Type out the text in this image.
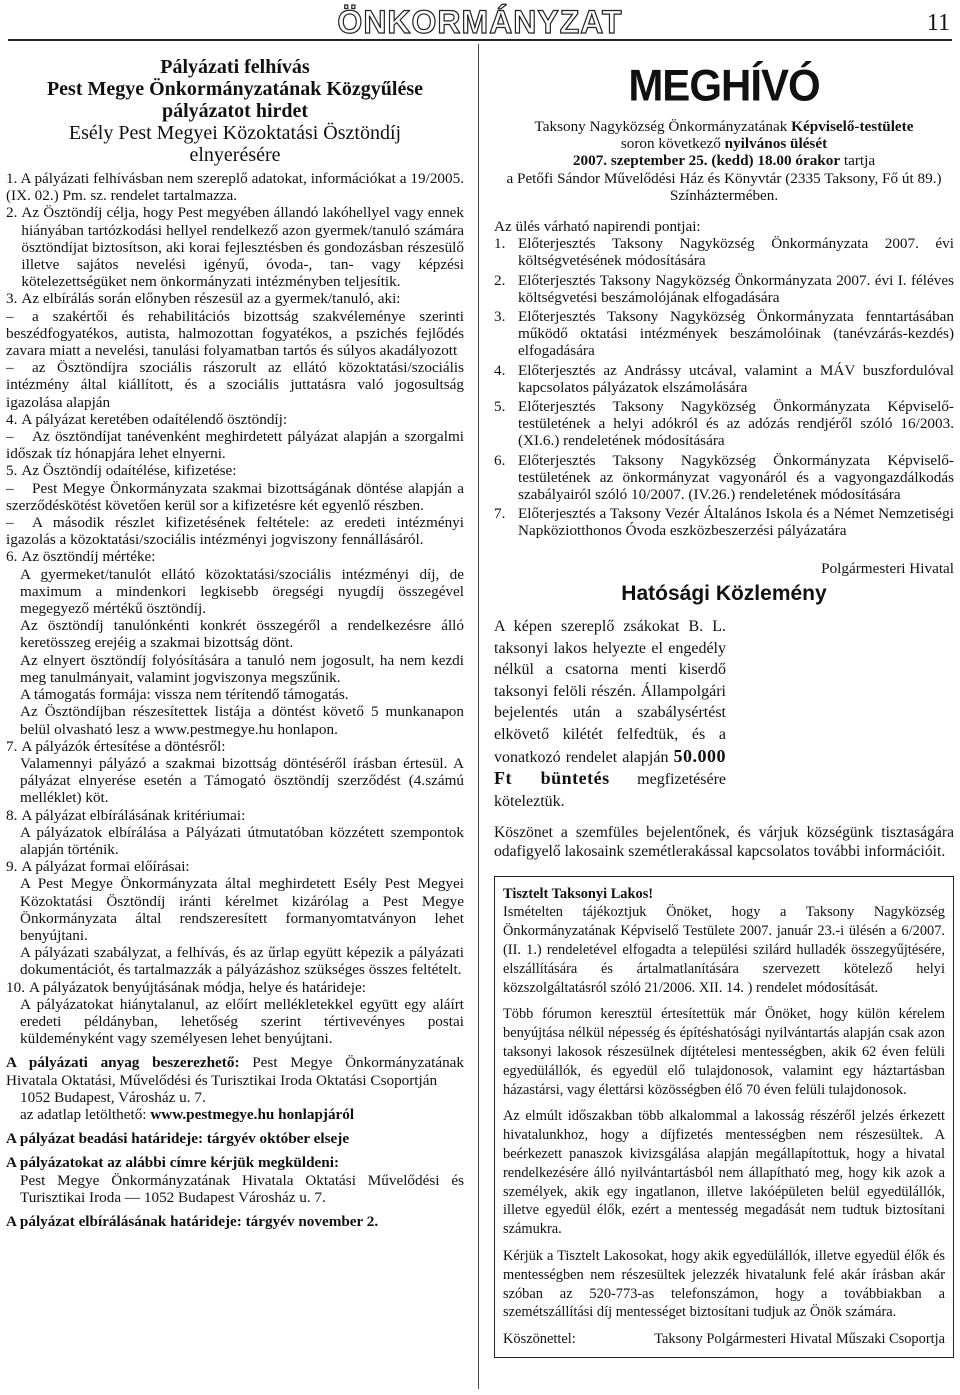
ÖNKORMÁNYZAT	11
Pályázati felhívás
Pest Megye Önkormányzatának Közgyűlése
pályázatot hirdet
Esély Pest Megyei Közoktatási Ösztöndíj
elnyerésére

1. A pályázati felhívásban nem szereplő adatokat, információkat a 19/2005. (IX. 02.) Pm. sz. rendelet tartalmazza.

2. Az Ösztöndíj célja, hogy Pest megyében állandó lakóhellyel vagy ennek hiányában tartózkodási hellyel rendelkező azon gyermek/tanuló számára ösztöndíjat biztosítson, aki korai fejlesztésben és gondozásban részesülő illetve sajátos nevelési igényű, óvoda-, tan- vagy képzési kötelezettségüket nem önkormányzati intézményben teljesítik.
3. Az elbírálás során előnyben részesül az a gyermek/tanuló, aki:

– a szakértői és rehabilitációs bizottság szakvéleménye szerinti beszédfogyatékos, autista, halmozottan fogyatékos, a pszichés fejlődés zavara miatt a nevelési, tanulási folyamatban tartós és súlyos akadályozott

– az Ösztöndíjra szociális rászorult az ellátó közoktatási/szociális intézmény által kiállított, és a szociális juttatásra való jogosultság igazolása alapján

4. A pályázat keretében odaítélendő ösztöndíj:

– Az ösztöndíjat tanévenként meghirdetett pályázat alapján a szorgalmi időszak tíz hónapjára lehet elnyerni.

5. Az Ösztöndíj odaítélése, kifizetése:

– Pest Megye Önkormányzata szakmai bizottságának döntése alapján a szerződéskötést követően kerül sor a kifizetésre két egyenlő részben.

– A második részlet kifizetésének feltétele: az eredeti intézményi igazolás a közoktatási/szociális intézményi jogviszony fennállásáról.

6. Az ösztöndíj mértéke:

A gyermeket/tanulót ellátó közoktatási/szociális intézményi díj, de maximum a mindenkori legkisebb öregségi nyugdíj összegével megegyező mértékű ösztöndíj.

Az ösztöndíj tanulónkénti konkrét összegéről a rendelkezésre álló keretösszeg erejéig a szakmai bizottság dönt.

Az elnyert ösztöndíj folyósítására a tanuló nem jogosult, ha nem kezdi meg tanulmányait, valamint jogviszonya megszűnik.

A támogatás formája: vissza nem térítendő támogatás.

Az Ösztöndíjban részesítettek listája a döntést követő 5 munkanapon belül olvasható lesz a www.pestmegye.hu honlapon.

7. A pályázók értesítése a döntésről:

Valamennyi pályázó a szakmai bizottság döntéséről írásban értesül. A pályázat elnyerése esetén a Támogató ösztöndíj szerződést (4.számú melléklet) köt.

8. A pályázat elbírálásának kritériumai:

A pályázatok elbírálása a Pályázati útmutatóban közzétett szempontok alapján történik.

9. A pályázat formai előírásai:

A Pest Megye Önkormányzata által meghirdetett Esély Pest Megyei Közoktatási Ösztöndíj iránti kérelmet kizárólag a Pest Megye Önkormányzata által rendszeresített formanyomtatványon lehet benyújtani.

A pályázati szabályzat, a felhívás, és az űrlap együtt képezik a pályázati dokumentációt, és tartalmazzák a pályázáshoz szükséges összes feltételt.

10. A pályázatok benyújtásának módja, helye és határideje:

A pályázatokat hiánytalanul, az előírt mellékletekkel együtt egy aláírt eredeti példányban, lehetőség szerint tértivevényes postai küldeményként vagy személyesen lehet benyújtani.

A pályázati anyag beszerezhető: Pest Megye Önkormányzatának Hivatala Oktatási, Művelődési és Turisztikai Iroda Oktatási Csoportján

1052 Budapest, Városház u. 7.

az adatlap letölthető: www.pestmegye.hu honlapjáról

A pályázat beadási határideje: tárgyév október elseje

A pályázatokat az alábbi címre kérjük megküldeni:

Pest Megye Önkormányzatának Hivatala Oktatási Művelődési és Turisztikai Iroda — 1052 Budapest Városház u. 7.

A pályázat elbírálásának határideje: tárgyév november 2.

MEGHÍVÓ
Taksony Nagyközség Önkormányzatának Képviselő-testülete
soron következő nyilvános ülését
2007. szeptember 25. (kedd) 18.00 órakor tartja
a Petőfi Sándor Művelődési Ház és Könyvtár (2335 Taksony, Fő út 89.)
Színháztermében.

Az ülés várható napirendi pontjai:

1. Előterjesztés Taksony Nagyközség Önkormányzata 2007. évi költségvetésének módosítására
2. Előterjesztés Taksony Nagyközség Önkormányzata 2007. évi I. féléves költségvetési beszámolójának elfogadására
3. Előterjesztés Taksony Nagyközség Önkormányzata fenntartásában működő oktatási intézmények beszámolóinak (tanévzárás-kezdés) elfogadására
4. Előterjesztés az Andrássy utcával, valamint a MÁV buszfordulóval kapcsolatos pályázatok elszámolására
5. Előterjesztés Taksony Nagyközség Önkormányzata Képviselő-testületének a helyi adókról és az adózás rendjéről szóló 16/2003. (XI.6.) rendeletének módosítására
6. Előterjesztés Taksony Nagyközség Önkormányzata Képviselő-testületének az önkormányzat vagyonáról és a vagyongazdálkodás szabályairól szóló 10/2007. (IV.26.) rendeletének módosítására
7. Előterjesztés a Taksony Vezér Általános Iskola és a Német Nemzetiségi Napköziotthonos Óvoda eszközbeszerzési pályázatára
Polgármesteri Hivatal
Hatósági Közlemény

A képen szereplő zsákokat B. L. taksonyi lakos helyezte el engedély nélkül a csatorna menti kiserdő taksonyi felöli részén. Állampolgári bejelentés után a szabálysértést elkövető kilétét felfedtük, és a vonatkozó rendelet alapján 50.000 Ft büntetés megfizetésére köteleztük.

Köszönet a szemfüles bejelentőnek, és várjuk községünk tisztaságára odafigyelő lakosaink szemétlerakással kapcsolatos további információit.

Tisztelt Taksonyi Lakos!

Ismételten tájékoztjuk Önöket, hogy a Taksony Nagyközség Önkormányzatának Képviselő Testülete 2007. január 23.-i ülésén a 6/2007. (II. 1.) rendeletével elfogadta a települési szilárd hulladék összegyűjtésére, elszállítására és ártalmatlanítására szervezett kötelező helyi közszolgáltatásról szóló 21/2006. XII. 14. ) rendelet módosítását.

Több fórumon keresztül értesítettük már Önöket, hogy külön kérelem benyújtása nélkül népesség és építéshatósági nyilvántartás alapján csak azon taksonyi lakosok részesülnek díjtételesi mentességben, akik 62 éven felüli egyedülállók, és egyedül elő tulajdonosok, valamint egy háztartásban házastársi, vagy élettársi közösségben élő 70 éven felüli tulajdonosok.

Az elmúlt időszakban több alkalommal a lakosság részéről jelzés érkezett hivatalunkhoz, hogy a díjfizetés mentességben nem részesültek. A beérkezett panaszok kivizsgálása alapján megállapítottuk, hogy a hivatal rendelkezésére álló nyilvántartásból nem állapítható meg, hogy kik azok a személyek, akik egy ingatlanon, illetve lakóépületen belül egyedülállók, illetve egyedül élők, ezért a mentesség megadását nem tudtuk biztosítani számukra.

Kérjük a Tisztelt Lakosokat, hogy akik egyedülállók, illetve egyedül élők és mentességben nem részesültek jelezzék hivatalunk felé akár írásban akár szóban az 520-773-as telefonszámon, hogy a továbbiakban a szemétszállítási díj mentességet biztosítani tudjuk az Önök számára.

Köszönettel:	Taksony Polgármesteri Hivatal Műszaki Csoportja
